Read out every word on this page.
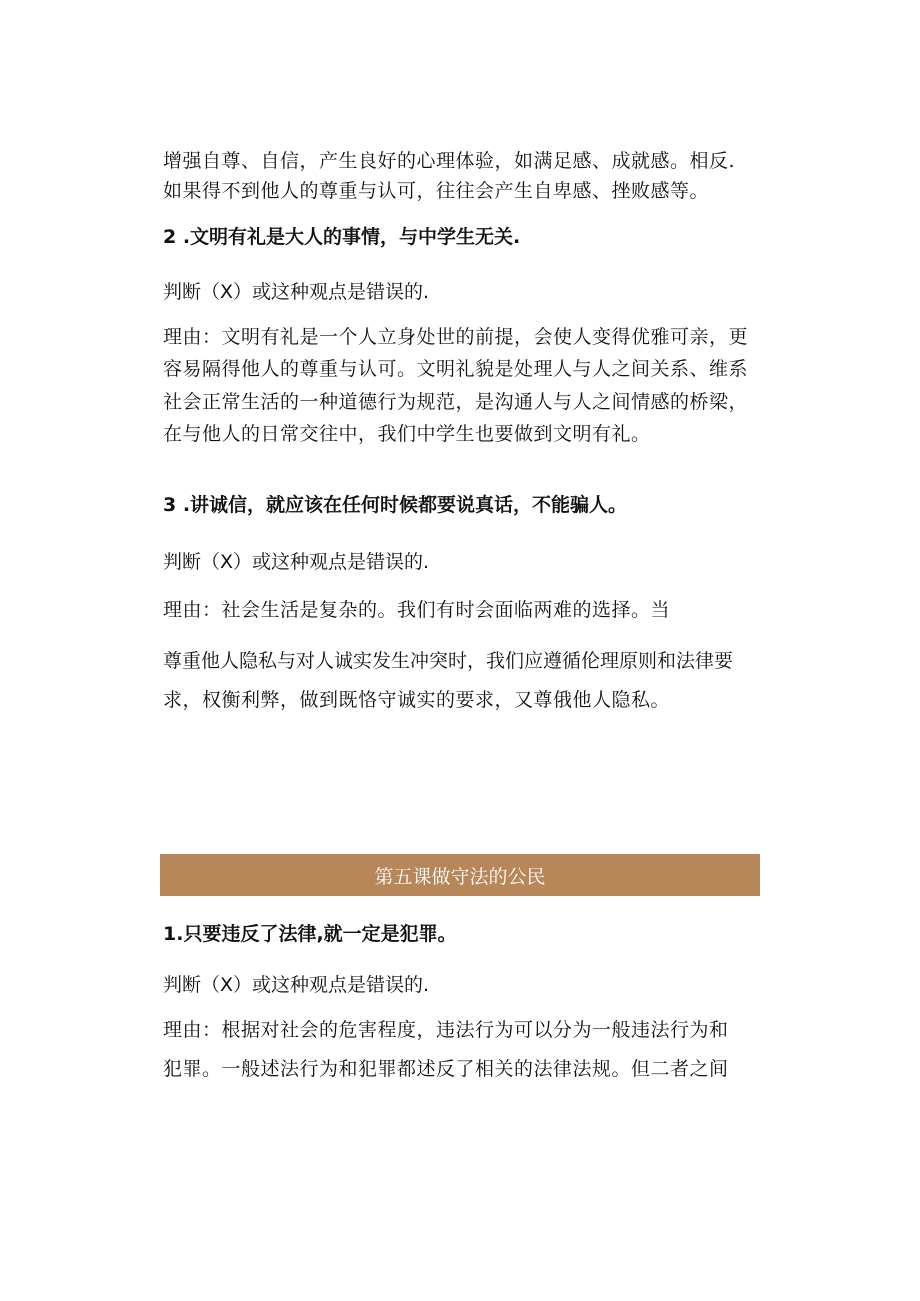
增强自尊、自信，产生良好的心理体验，如满足感、成就感。相反.
如果得不到他人的尊重与认可，往往会产生自卑感、挫败感等。
2 .文明有礼是大人的事情，与中学生无关.
判断（X）或这种观点是错误的.
理由：文明有礼是一个人立身处世的前提，会使人变得优雅可亲，更
容易隔得他人的尊重与认可。文明礼貌是处理人与人之间关系、维系
社会正常生活的一种道德行为规范，是沟通人与人之间情感的桥梁，
在与他人的日常交往中，我们中学生也要做到文明有礼。
3 .讲诚信，就应该在任何时候都要说真话，不能骗人。
判断（X）或这种观点是错误的.
理由：社会生活是复杂的。我们有时会面临两难的选择。当
尊重他人隐私与对人诚实发生冲突时，我们应遵循伦理原则和法律要
求，权衡利弊，做到既恪守诚实的要求，又尊俄他人隐私。
第五课做守法的公民
1.只要违反了法律,就一定是犯罪。
判断（X）或这种观点是错误的.
理由：根据对社会的危害程度，违法行为可以分为一般违法行为和
犯罪。一般述法行为和犯罪都述反了相关的法律法规。但二者之间
